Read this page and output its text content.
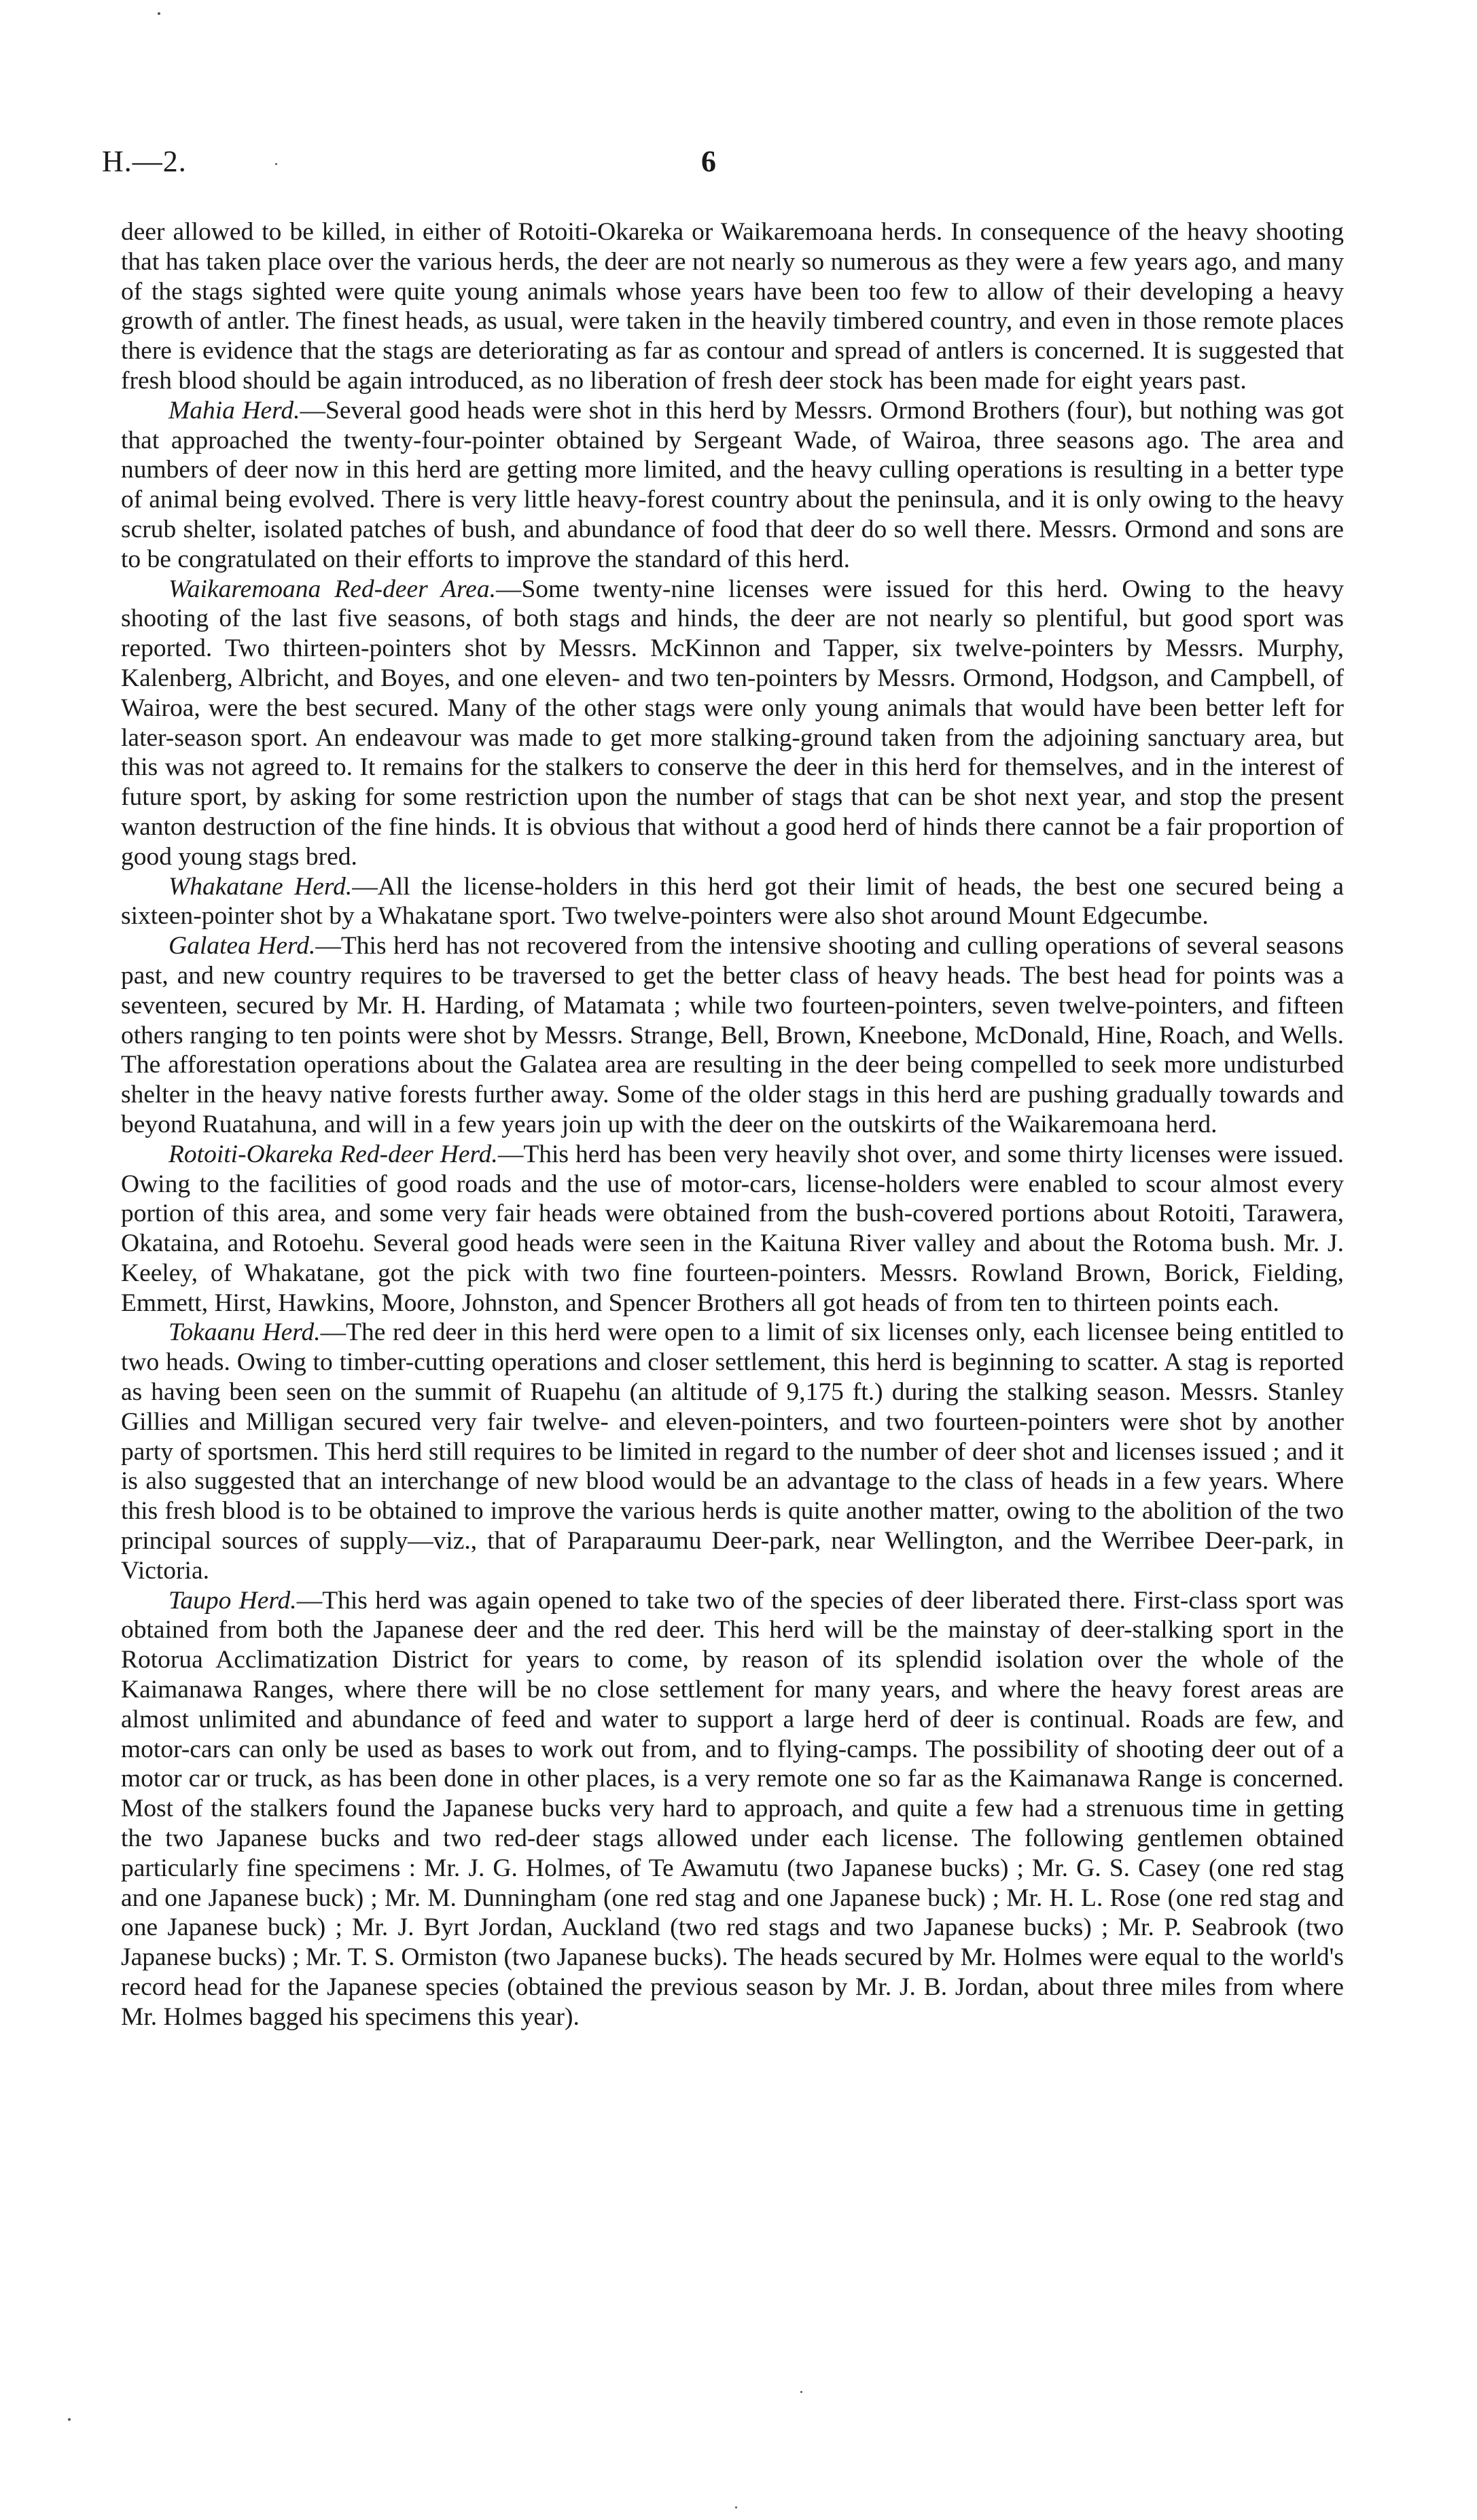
H.—2.	6

deer allowed to be killed, in either of Rotoiti-Okareka or Waikaremoana herds. In consequence of the heavy shooting that has taken place over the various herds, the deer are not nearly so numerous as they were a few years ago, and many of the stags sighted were quite young animals whose years have been too few to allow of their developing a heavy growth of antler. The finest heads, as usual, were taken in the heavily timbered country, and even in those remote places there is evidence that the stags are deteriorating as far as contour and spread of antlers is concerned. It is suggested that fresh blood should be again introduced, as no liberation of fresh deer stock has been made for eight years past.

Mahia Herd.—Several good heads were shot in this herd by Messrs. Ormond Brothers (four), but nothing was got that approached the twenty-four-pointer obtained by Sergeant Wade, of Wairoa, three seasons ago. The area and numbers of deer now in this herd are getting more limited, and the heavy culling operations is resulting in a better type of animal being evolved. There is very little heavy-forest country about the peninsula, and it is only owing to the heavy scrub shelter, isolated patches of bush, and abundance of food that deer do so well there. Messrs. Ormond and sons are to be congratulated on their efforts to improve the standard of this herd.

Waikaremoana Red-deer Area.—Some twenty-nine licenses were issued for this herd. Owing to the heavy shooting of the last five seasons, of both stags and hinds, the deer are not nearly so plentiful, but good sport was reported. Two thirteen-pointers shot by Messrs. McKinnon and Tapper, six twelve-pointers by Messrs. Murphy, Kalenberg, Albricht, and Boyes, and one eleven- and two ten-pointers by Messrs. Ormond, Hodgson, and Campbell, of Wairoa, were the best secured. Many of the other stags were only young animals that would have been better left for later-season sport. An endeavour was made to get more stalking-ground taken from the adjoining sanctuary area, but this was not agreed to. It remains for the stalkers to conserve the deer in this herd for themselves, and in the interest of future sport, by asking for some restriction upon the number of stags that can be shot next year, and stop the present wanton destruction of the fine hinds. It is obvious that without a good herd of hinds there cannot be a fair proportion of good young stags bred.

Whakatane Herd.—All the license-holders in this herd got their limit of heads, the best one secured being a sixteen-pointer shot by a Whakatane sport. Two twelve-pointers were also shot around Mount Edgecumbe.

Galatea Herd.—This herd has not recovered from the intensive shooting and culling operations of several seasons past, and new country requires to be traversed to get the better class of heavy heads. The best head for points was a seventeen, secured by Mr. H. Harding, of Matamata ; while two fourteen-pointers, seven twelve-pointers, and fifteen others ranging to ten points were shot by Messrs. Strange, Bell, Brown, Kneebone, McDonald, Hine, Roach, and Wells. The afforestation operations about the Galatea area are resulting in the deer being compelled to seek more undisturbed shelter in the heavy native forests further away. Some of the older stags in this herd are pushing gradually towards and beyond Ruatahuna, and will in a few years join up with the deer on the outskirts of the Waikaremoana herd.

Rotoiti-Okareka Red-deer Herd.—This herd has been very heavily shot over, and some thirty licenses were issued. Owing to the facilities of good roads and the use of motor-cars, license-holders were enabled to scour almost every portion of this area, and some very fair heads were obtained from the bush-covered portions about Rotoiti, Tarawera, Okataina, and Rotoehu. Several good heads were seen in the Kaituna River valley and about the Rotoma bush. Mr. J. Keeley, of Whakatane, got the pick with two fine fourteen-pointers. Messrs. Rowland Brown, Borick, Fielding, Emmett, Hirst, Hawkins, Moore, Johnston, and Spencer Brothers all got heads of from ten to thirteen points each.

Tokaanu Herd.—The red deer in this herd were open to a limit of six licenses only, each licensee being entitled to two heads. Owing to timber-cutting operations and closer settlement, this herd is beginning to scatter. A stag is reported as having been seen on the summit of Ruapehu (an altitude of 9,175 ft.) during the stalking season. Messrs. Stanley Gillies and Milligan secured very fair twelve- and eleven-pointers, and two fourteen-pointers were shot by another party of sportsmen. This herd still requires to be limited in regard to the number of deer shot and licenses issued ; and it is also suggested that an interchange of new blood would be an advantage to the class of heads in a few years. Where this fresh blood is to be obtained to improve the various herds is quite another matter, owing to the abolition of the two principal sources of supply—viz., that of Paraparaumu Deer-park, near Wellington, and the Werribee Deer-park, in Victoria.

Taupo Herd.—This herd was again opened to take two of the species of deer liberated there. First-class sport was obtained from both the Japanese deer and the red deer. This herd will be the mainstay of deer-stalking sport in the Rotorua Acclimatization District for years to come, by reason of its splendid isolation over the whole of the Kaimanawa Ranges, where there will be no close settlement for many years, and where the heavy forest areas are almost unlimited and abundance of feed and water to support a large herd of deer is continual. Roads are few, and motor-cars can only be used as bases to work out from, and to flying-camps. The possibility of shooting deer out of a motor car or truck, as has been done in other places, is a very remote one so far as the Kaimanawa Range is concerned. Most of the stalkers found the Japanese bucks very hard to approach, and quite a few had a strenuous time in getting the two Japanese bucks and two red-deer stags allowed under each license. The following gentlemen obtained particularly fine specimens : Mr. J. G. Holmes, of Te Awamutu (two Japanese bucks) ; Mr. G. S. Casey (one red stag and one Japanese buck) ; Mr. M. Dunningham (one red stag and one Japanese buck) ; Mr. H. L. Rose (one red stag and one Japanese buck) ; Mr. J. Byrt Jordan, Auckland (two red stags and two Japanese bucks) ; Mr. P. Seabrook (two Japanese bucks) ; Mr. T. S. Ormiston (two Japanese bucks). The heads secured by Mr. Holmes were equal to the world's record head for the Japanese species (obtained the previous season by Mr. J. B. Jordan, about three miles from where Mr. Holmes bagged his specimens this year).
